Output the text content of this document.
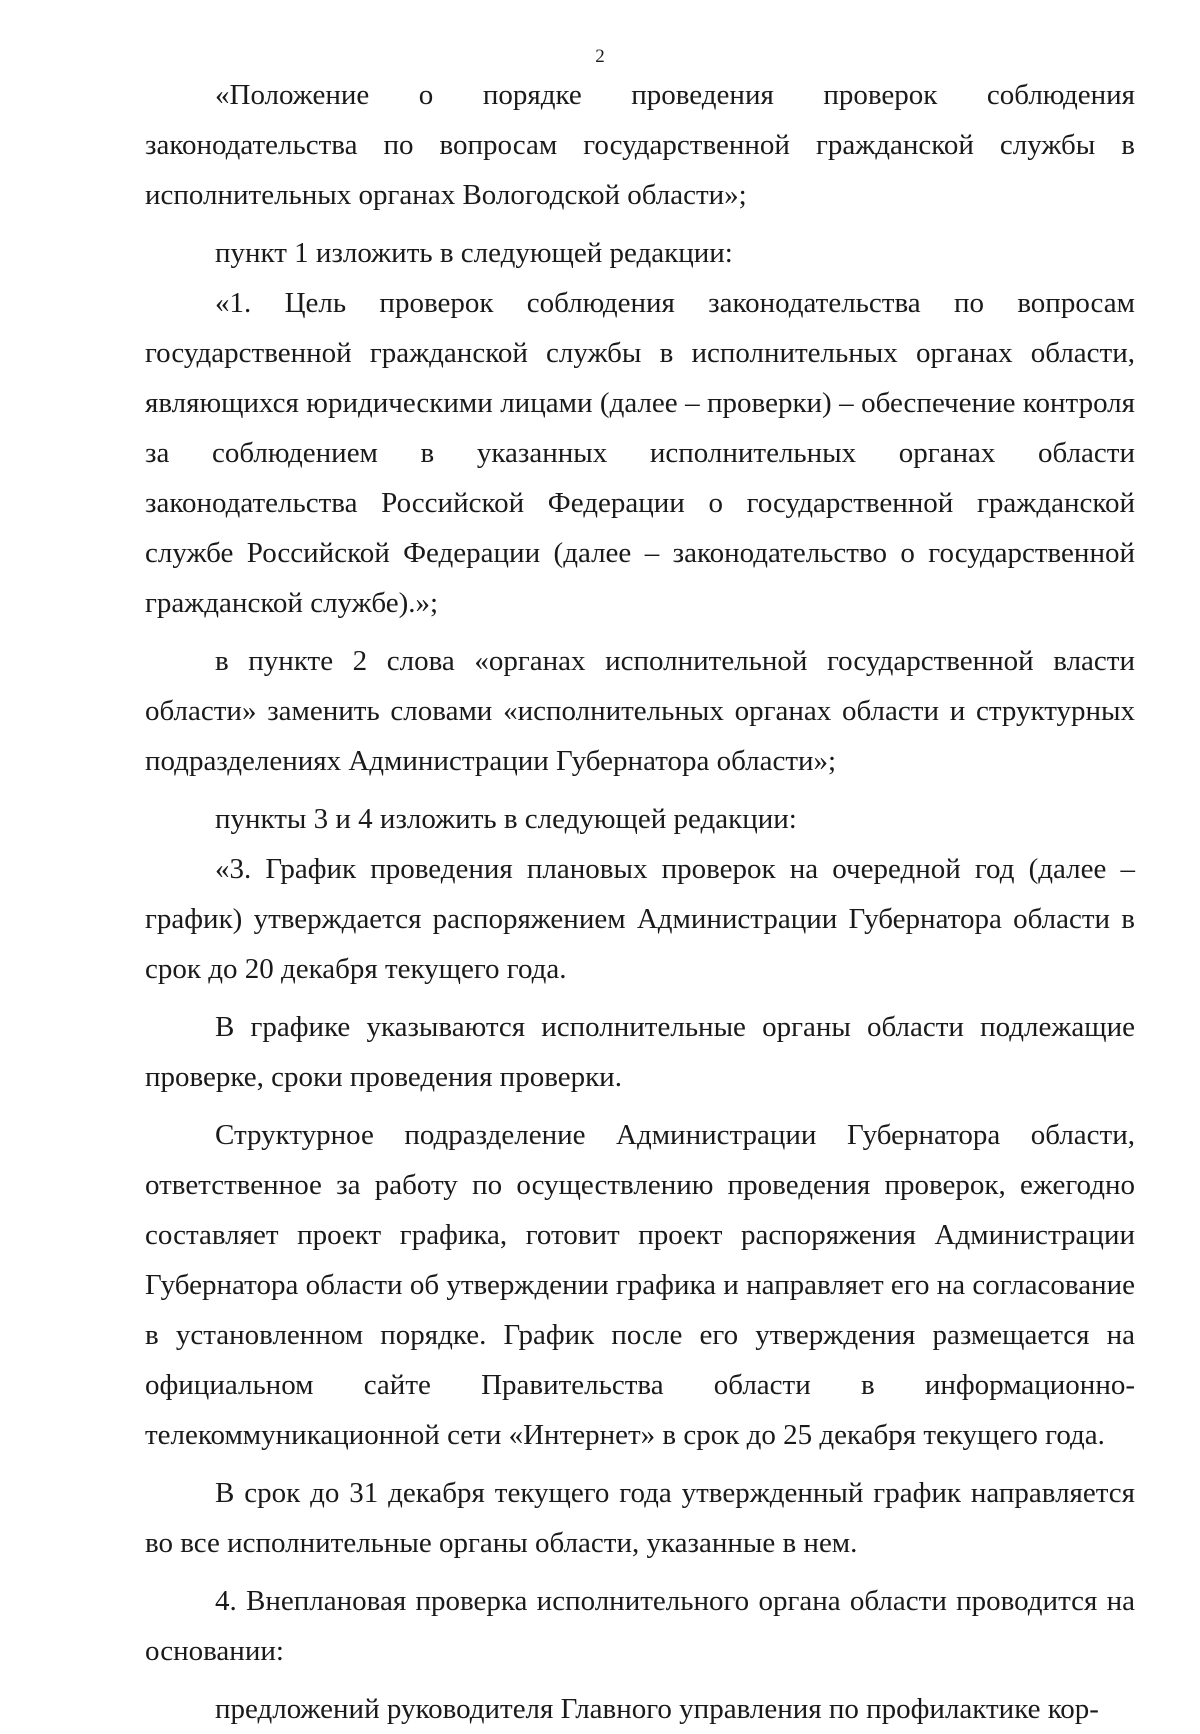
2

«Положение о порядке проведения проверок соблюдения законодательства по вопросам государственной гражданской службы в исполнительных органах Вологодской области»;

пункт 1 изложить в следующей редакции:

«1. Цель проверок соблюдения законодательства по вопросам государственной гражданской службы в исполнительных органах области, являющихся юридическими лицами (далее – проверки) – обеспечение контроля за соблюдением в указанных исполнительных органах области законодательства Российской Федерации о государственной гражданской службе Российской Федерации (далее – законодательство о государственной гражданской службе).»;

в пункте 2 слова «органах исполнительной государственной власти области» заменить словами «исполнительных органах области и структурных подразделениях Администрации Губернатора области»;

пункты 3 и 4 изложить в следующей редакции:

«3. График проведения плановых проверок на очередной год (далее – график) утверждается распоряжением Администрации Губернатора области в срок до 20 декабря текущего года.

В графике указываются исполнительные органы области подлежащие проверке, сроки проведения проверки.

Структурное подразделение Администрации Губернатора области, ответственное за работу по осуществлению проведения проверок, ежегодно составляет проект графика, готовит проект распоряжения Администрации Губернатора области об утверждении графика и направляет его на согласование в установленном порядке. График после его утверждения размещается на официальном сайте Правительства области в информационно-телекоммуникационной сети «Интернет» в срок до 25 декабря текущего года.

В срок до 31 декабря текущего года утвержденный график направляется во все исполнительные органы области, указанные в нем.

4. Внеплановая проверка исполнительного органа области проводится на основании:

предложений руководителя Главного управления по профилактике кор-
